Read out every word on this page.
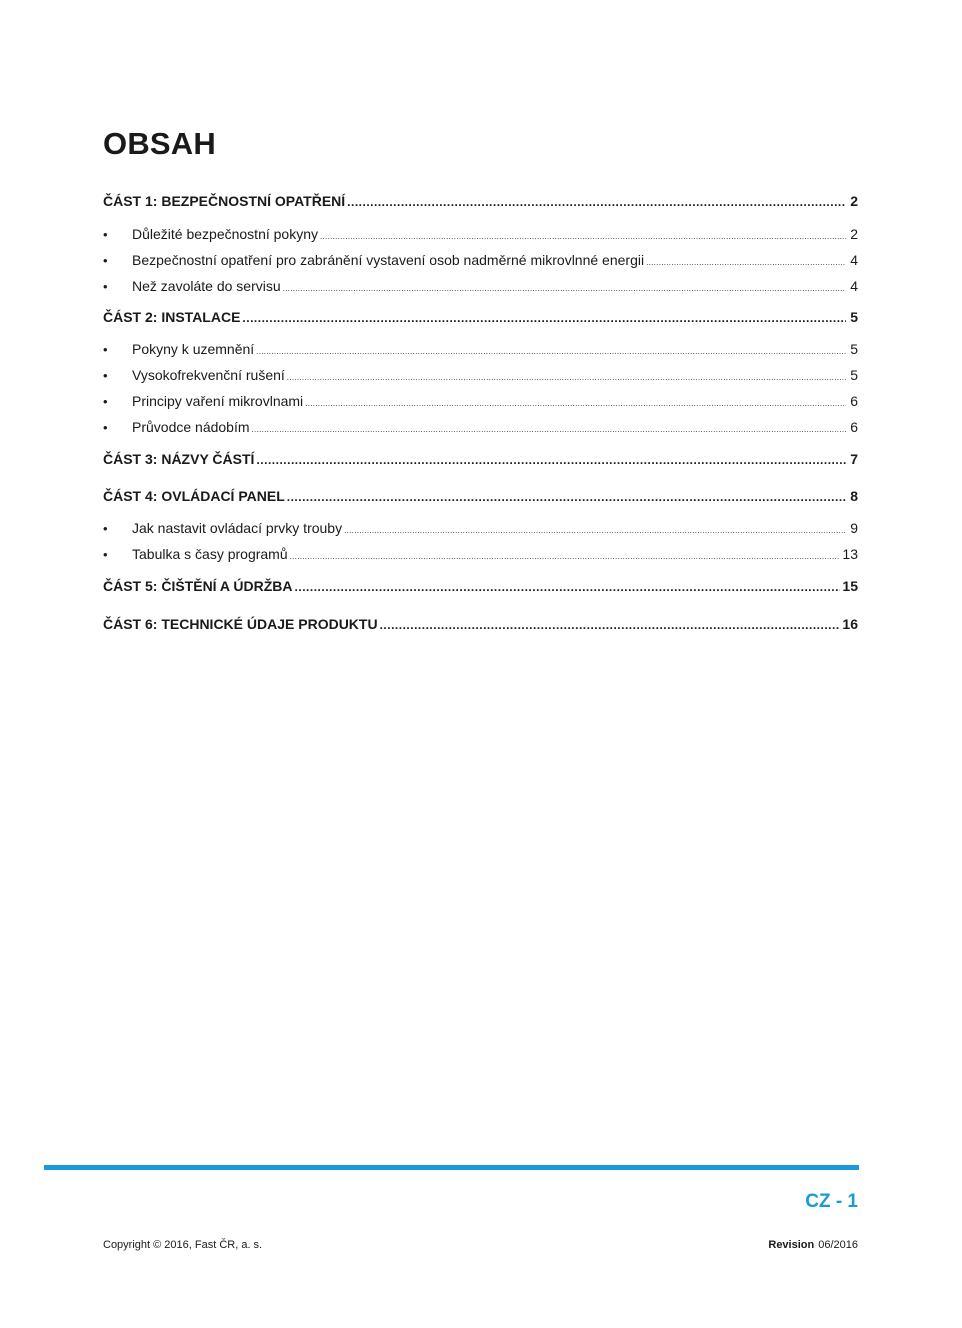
OBSAH
ČÁST 1: BEZPEČNOSTNÍ OPATŘENÍ .....	2
•	Důležité bezpečnostní pokyny .....	2
•	Bezpečnostní opatření pro zabránění vystavení osob nadměrné mikrovlnné energii .....	4
•	Než zavoláte do servisu .....	4
ČÁST 2: INSTALACE .....	5
•	Pokyny k uzemnění .....	5
•	Vysokofrekvenční rušení .....	5
•	Principy vaření mikrovlnami .....	6
•	Průvodce nádobím .....	6
ČÁST 3: NÁZVY ČÁSTÍ .....	7
ČÁST 4: OVLÁDACÍ PANEL .....	8
•	Jak nastavit ovládací prvky trouby .....	9
•	Tabulka s časy programů .....	13
ČÁST 5: ČIŠTĚNÍ A ÚDRŽBA .....	15
ČÁST 6: TECHNICKÉ ÚDAJE PRODUKTU .....	16
CZ - 1
Copyright © 2016, Fast ČR, a. s.	Revision 06/2016
